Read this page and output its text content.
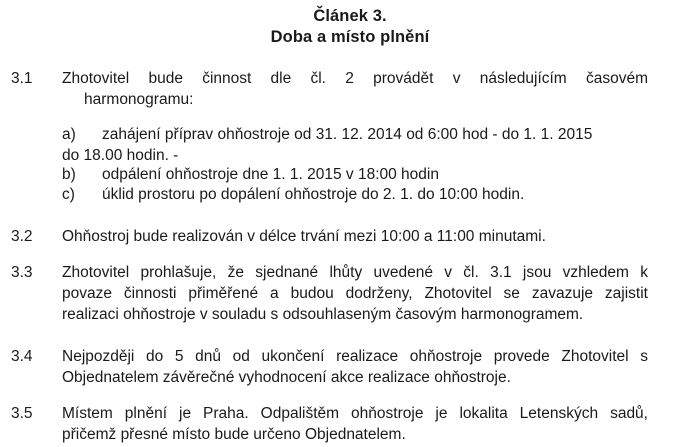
Článek 3.
Doba a místo plnění
3.1 Zhotovitel bude činnost dle čl. 2 provádět v následujícím časovém
harmonogramu:
a) zahájení příprav ohňostroje od 31. 12. 2014 od 6:00 hod - do 1. 1. 2015
do 18.00 hodin. -
b) odpálení ohňostroje dne 1. 1. 2015 v 18:00 hodin
c) úklid prostoru po dopálení ohňostroje do 2. 1. do 10:00 hodin.
3.2 Ohňostroj bude realizován v délce trvání mezi 10:00 a 11:00 minutami.
3.3 Zhotovitel prohlašuje, že sjednané lhůty uvedené v čl. 3.1 jsou vzhledem k
povaze činnosti přiměřené a budou dodrženy, Zhotovitel se zavazuje zajistit
realizaci ohňostroje v souladu s odsouhlaseným časovým harmonogramem.
3.4 Nejpozději do 5 dnů od ukončení realizace ohňostroje provede Zhotovitel s
Objednatelem závěrečné vyhodnocení akce realizace ohňostroje.
3.5 Místem plnění je Praha. Odpalištěm ohňostroje je lokalita Letenských sadů,
přičemž přesné místo bude určeno Objednatelem.
